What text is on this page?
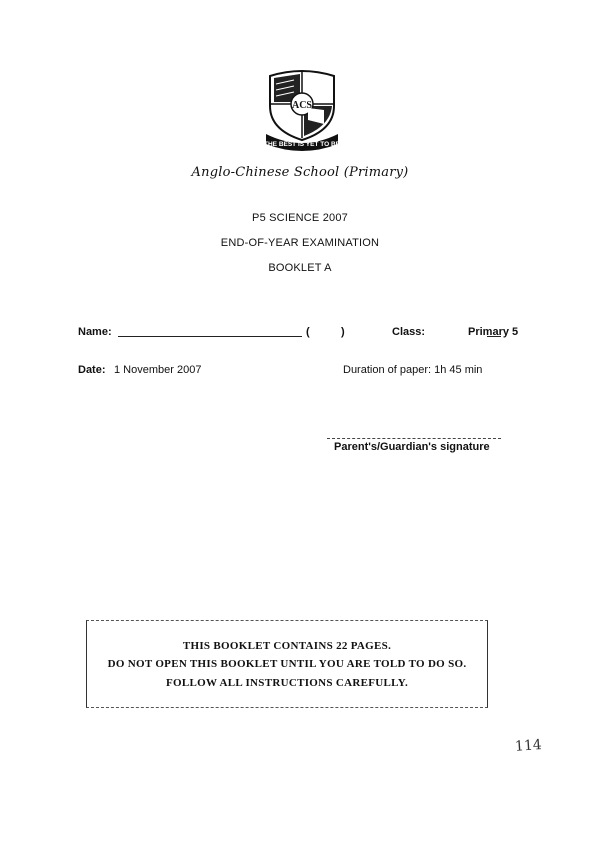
THE BEST IS YET TO BE
ACS
Anglo-Chinese School (Primary)
P5 SCIENCE 2007
END-OF-YEAR EXAMINATION
BOOKLET A
Name:	(	)	Class:	Primary 5
Date: 1 November 2007	Duration of paper: 1h 45 min
Parent's/Guardian's signature
THIS BOOKLET CONTAINS 22 PAGES.
DO NOT OPEN THIS BOOKLET UNTIL YOU ARE TOLD TO DO SO.
FOLLOW ALL INSTRUCTIONS CAREFULLY.
114
